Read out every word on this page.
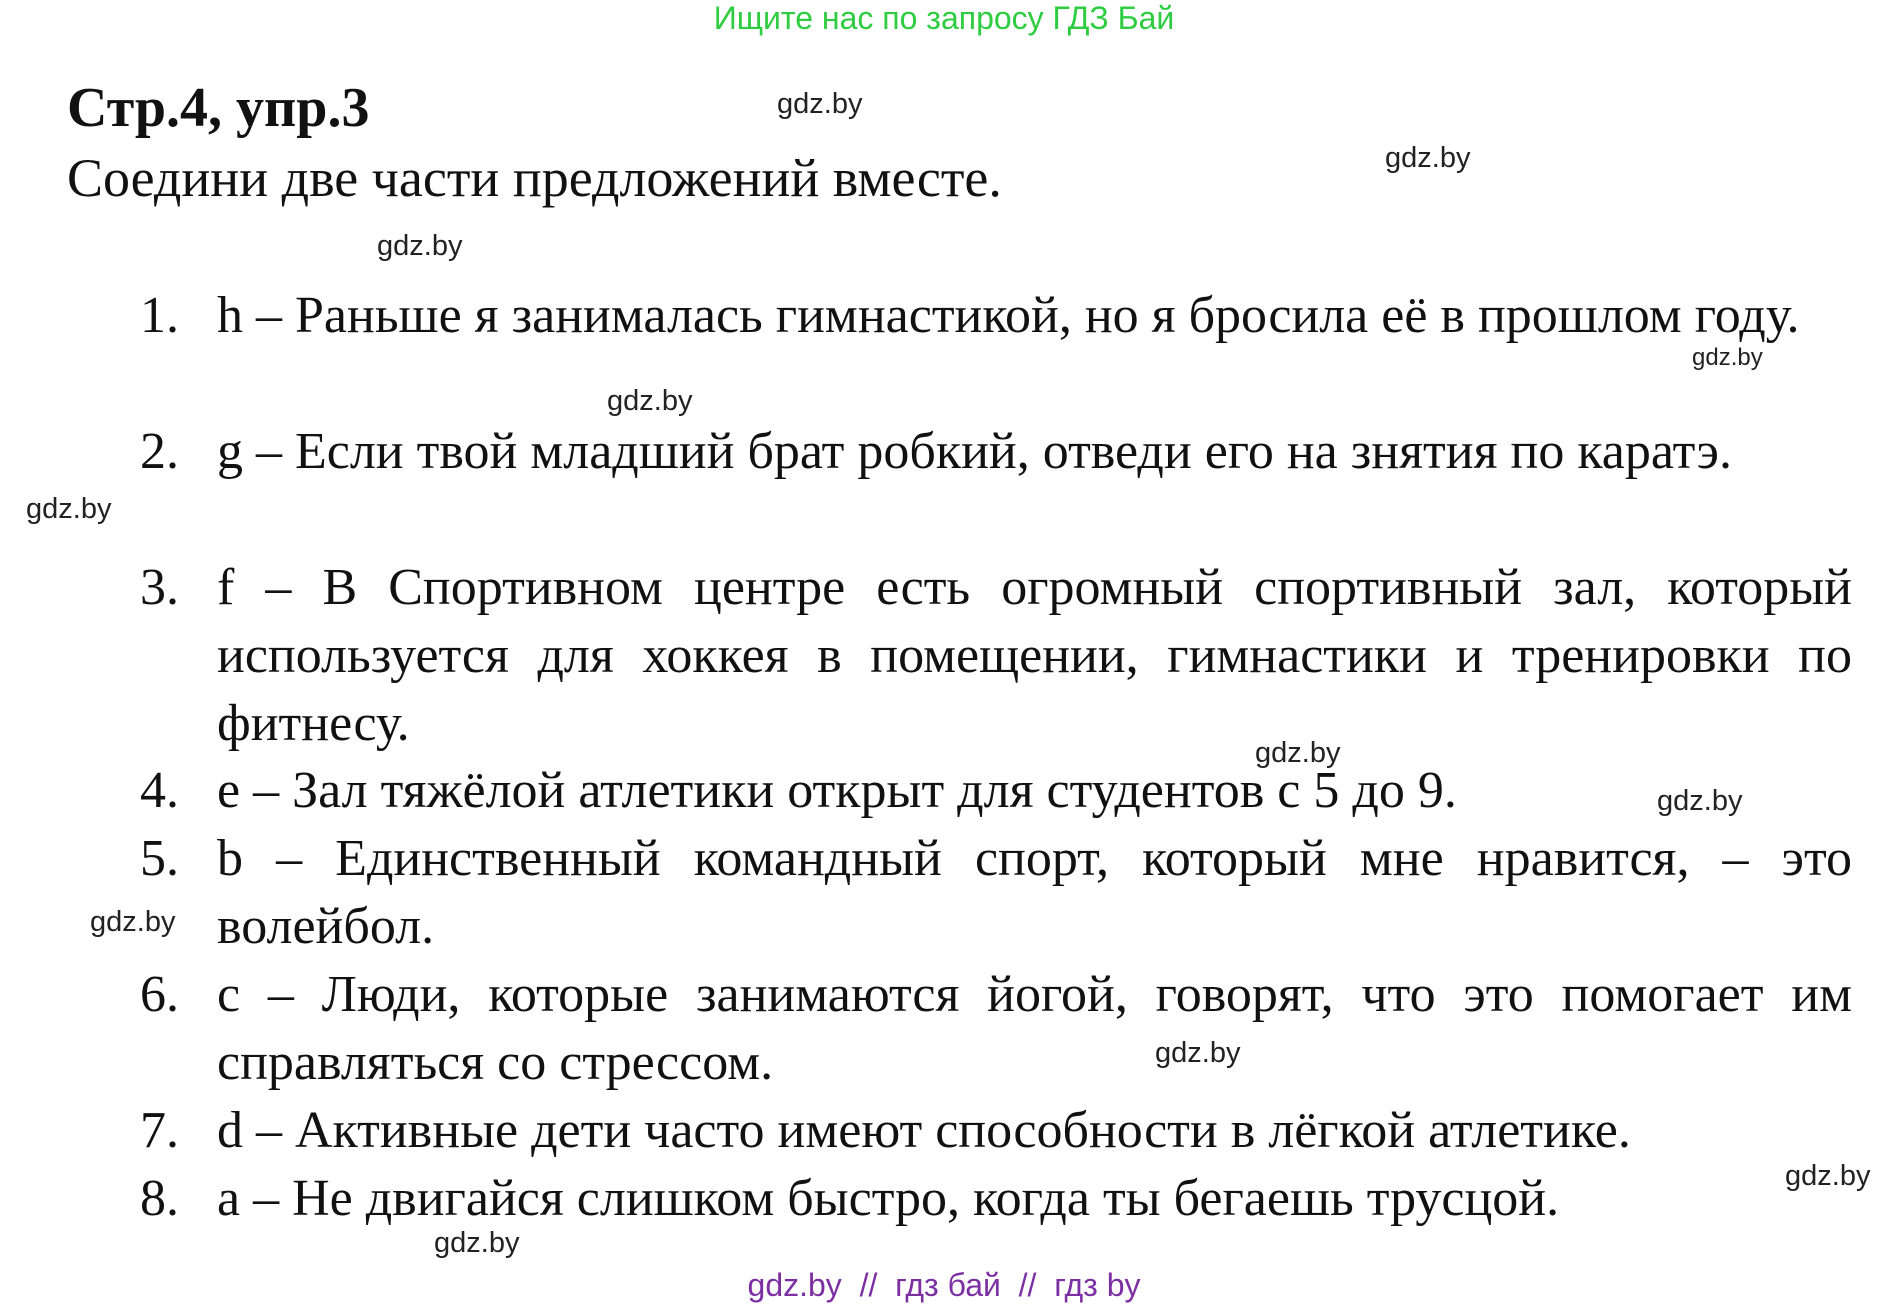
Ищите нас по запросу ГДЗ Бай
Стр.4, упр.3
Соедини две части предложений вместе.
1. h – Раньше я занималась гимнастикой, но я бросила её в прошлом году.
2. g – Если твой младший брат робкий, отведи его на знятия по каратэ.
3. f – В Спортивном центре есть огромный спортивный зал, который используется для хоккея в помещении, гимнастики и тренировки по фитнесу.
4. e – Зал тяжёлой атлетики открыт для студентов с 5 до 9.
5. b – Единственный командный спорт, который мне нравится, – это волейбол.
6. c – Люди, которые занимаются йогой, говорят, что это помогает им справляться со стрессом.
7. d – Активные дети часто имеют способности в лёгкой атлетике.
8. a – Не двигайся слишком быстро, когда ты бегаешь трусцой.
gdz.by
gdz.by
gdz.by
gdz.by
gdz.by
gdz.by
gdz.by
gdz.by
gdz.by
gdz.by
gdz.by
gdz.by
gdz.by  //  гдз бай  //  гдз by
